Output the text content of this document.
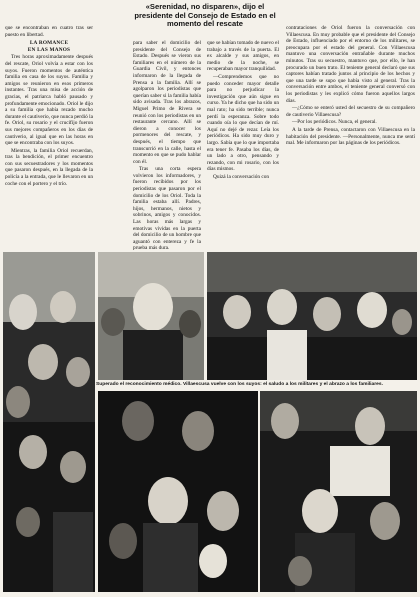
que se encontraban en cuatro tras ser puesto en libertad.

LA ROMANCE
EN LAS MANOS

Tres horas aproximadamente después del rescate, Oriol volvía a estar con los suyos. Fueron momentos de auténtica familia en casa de los suyos. Familia y amigos se reunieron en esos primeros instantes. Tras una misa de acción de gracias, el patriarca habló pausado y profundamente emocionado. Oriol le dijo a su familia que había rezado mucho durante el cautiverio, que nunca perdió la fe. Oriol, su rosario y el crucifijo fueron sus mejores compañeros en los días de cautiverio, al igual que en las horas en que se encontraba con los suyos.

Mientras, la familia Oriol recuerdan, tras la bendición, el primer encuentro con sus secuestradores y los momentos que pasaron después, en la llegada de la policía a la entrada, que le llevaron en un coche con el portero y el trío.

«Serenidad, no disparen», dijo el presidente del Consejo de Estado en el momento del rescate

para saber el domicilio del presidente del Consejo de Estado. Después se vieron sus familiares en el número de la Guardia Civil, y entonces informaron de la llegada de Prensa a la familia. Allí se agolparon los periodistas que querían saber si la familia había sido avisada. Tras los abrazos, Miguel Primo de Rivera se reunió con los periodistas en un restaurante cercano. Allí se dieron a conocer los pormenores del rescate, y después, el tiempo que transcurrió en la calle, hasta el momento en que se pudo hablar con él.

Tras una corta espera volvieron los informadores, y fueron recibidos por los periodistas que pasaron por el domicilio de los Oriol. Toda la familia estaba allí. Padres, hijos, hermanos, nietos y sobrinos, amigos y conocidos. Las horas más largas y emotivas vividas en la puerta del domicilio de un hombre que aguantó con entereza y fe la prueba más dura.

que se habían tomado de nuevo el trabajo a través de la puerta. El ex alcalde y sus amigos, en medio de la noche, se recuperaban mayor tranquilidad.

—Comprendemos que no puedo conceder mayor detalle para no perjudicar la investigación que aún sigue en curso. Ya he dicho que ha sido un mal rato; ha sido terrible; nunca perdí la esperanza. Sobre todo cuando oía lo que decían de mí. Aquí no dejé de rezar. Leía los periódicos. Ha sido muy duro y largo. Sabía que lo que importaba era tener fe. Pasaba los días, de un lado a otro, pensando y rezando, con mi rosario, con los días mismos.

Quizá la conversación con

contrataciones de Oriol fueron la conversación con Villaescusa. En muy probable que el presidente del Consejo de Estado, influenciado por el entorno de los militares, se preocupara por el estado del general. Con Villaescusa mantuvo una conversación entrañable durante muchos minutos. Tras su secuestro, mantuvo que, por ello, le han procurado un buen trato. El teniente general declaró que sus captores habían tratado juntos al principio de los hechos y que una tarde se supo que había visto al general. Tras la conversación entre ambos, el teniente general conversó con los periodistas y les explicó cómo fueron aquellos largos días.

—¿Cómo se enteró usted del secuestro de su compañero de cautiverio Villaescusa?

—Por los periódicos. Nunca, el general.

A la tarde de Prensa, contactaron con Villaescusa en la habitación del presidente. —Personalmente, nunca me sentí mal. Me informaron por las páginas de los periódicos.

Superado el reconocimiento médico. Villaescusa vuelve con los suyos: el saludo a los militares y el abrazo a los familiares.
